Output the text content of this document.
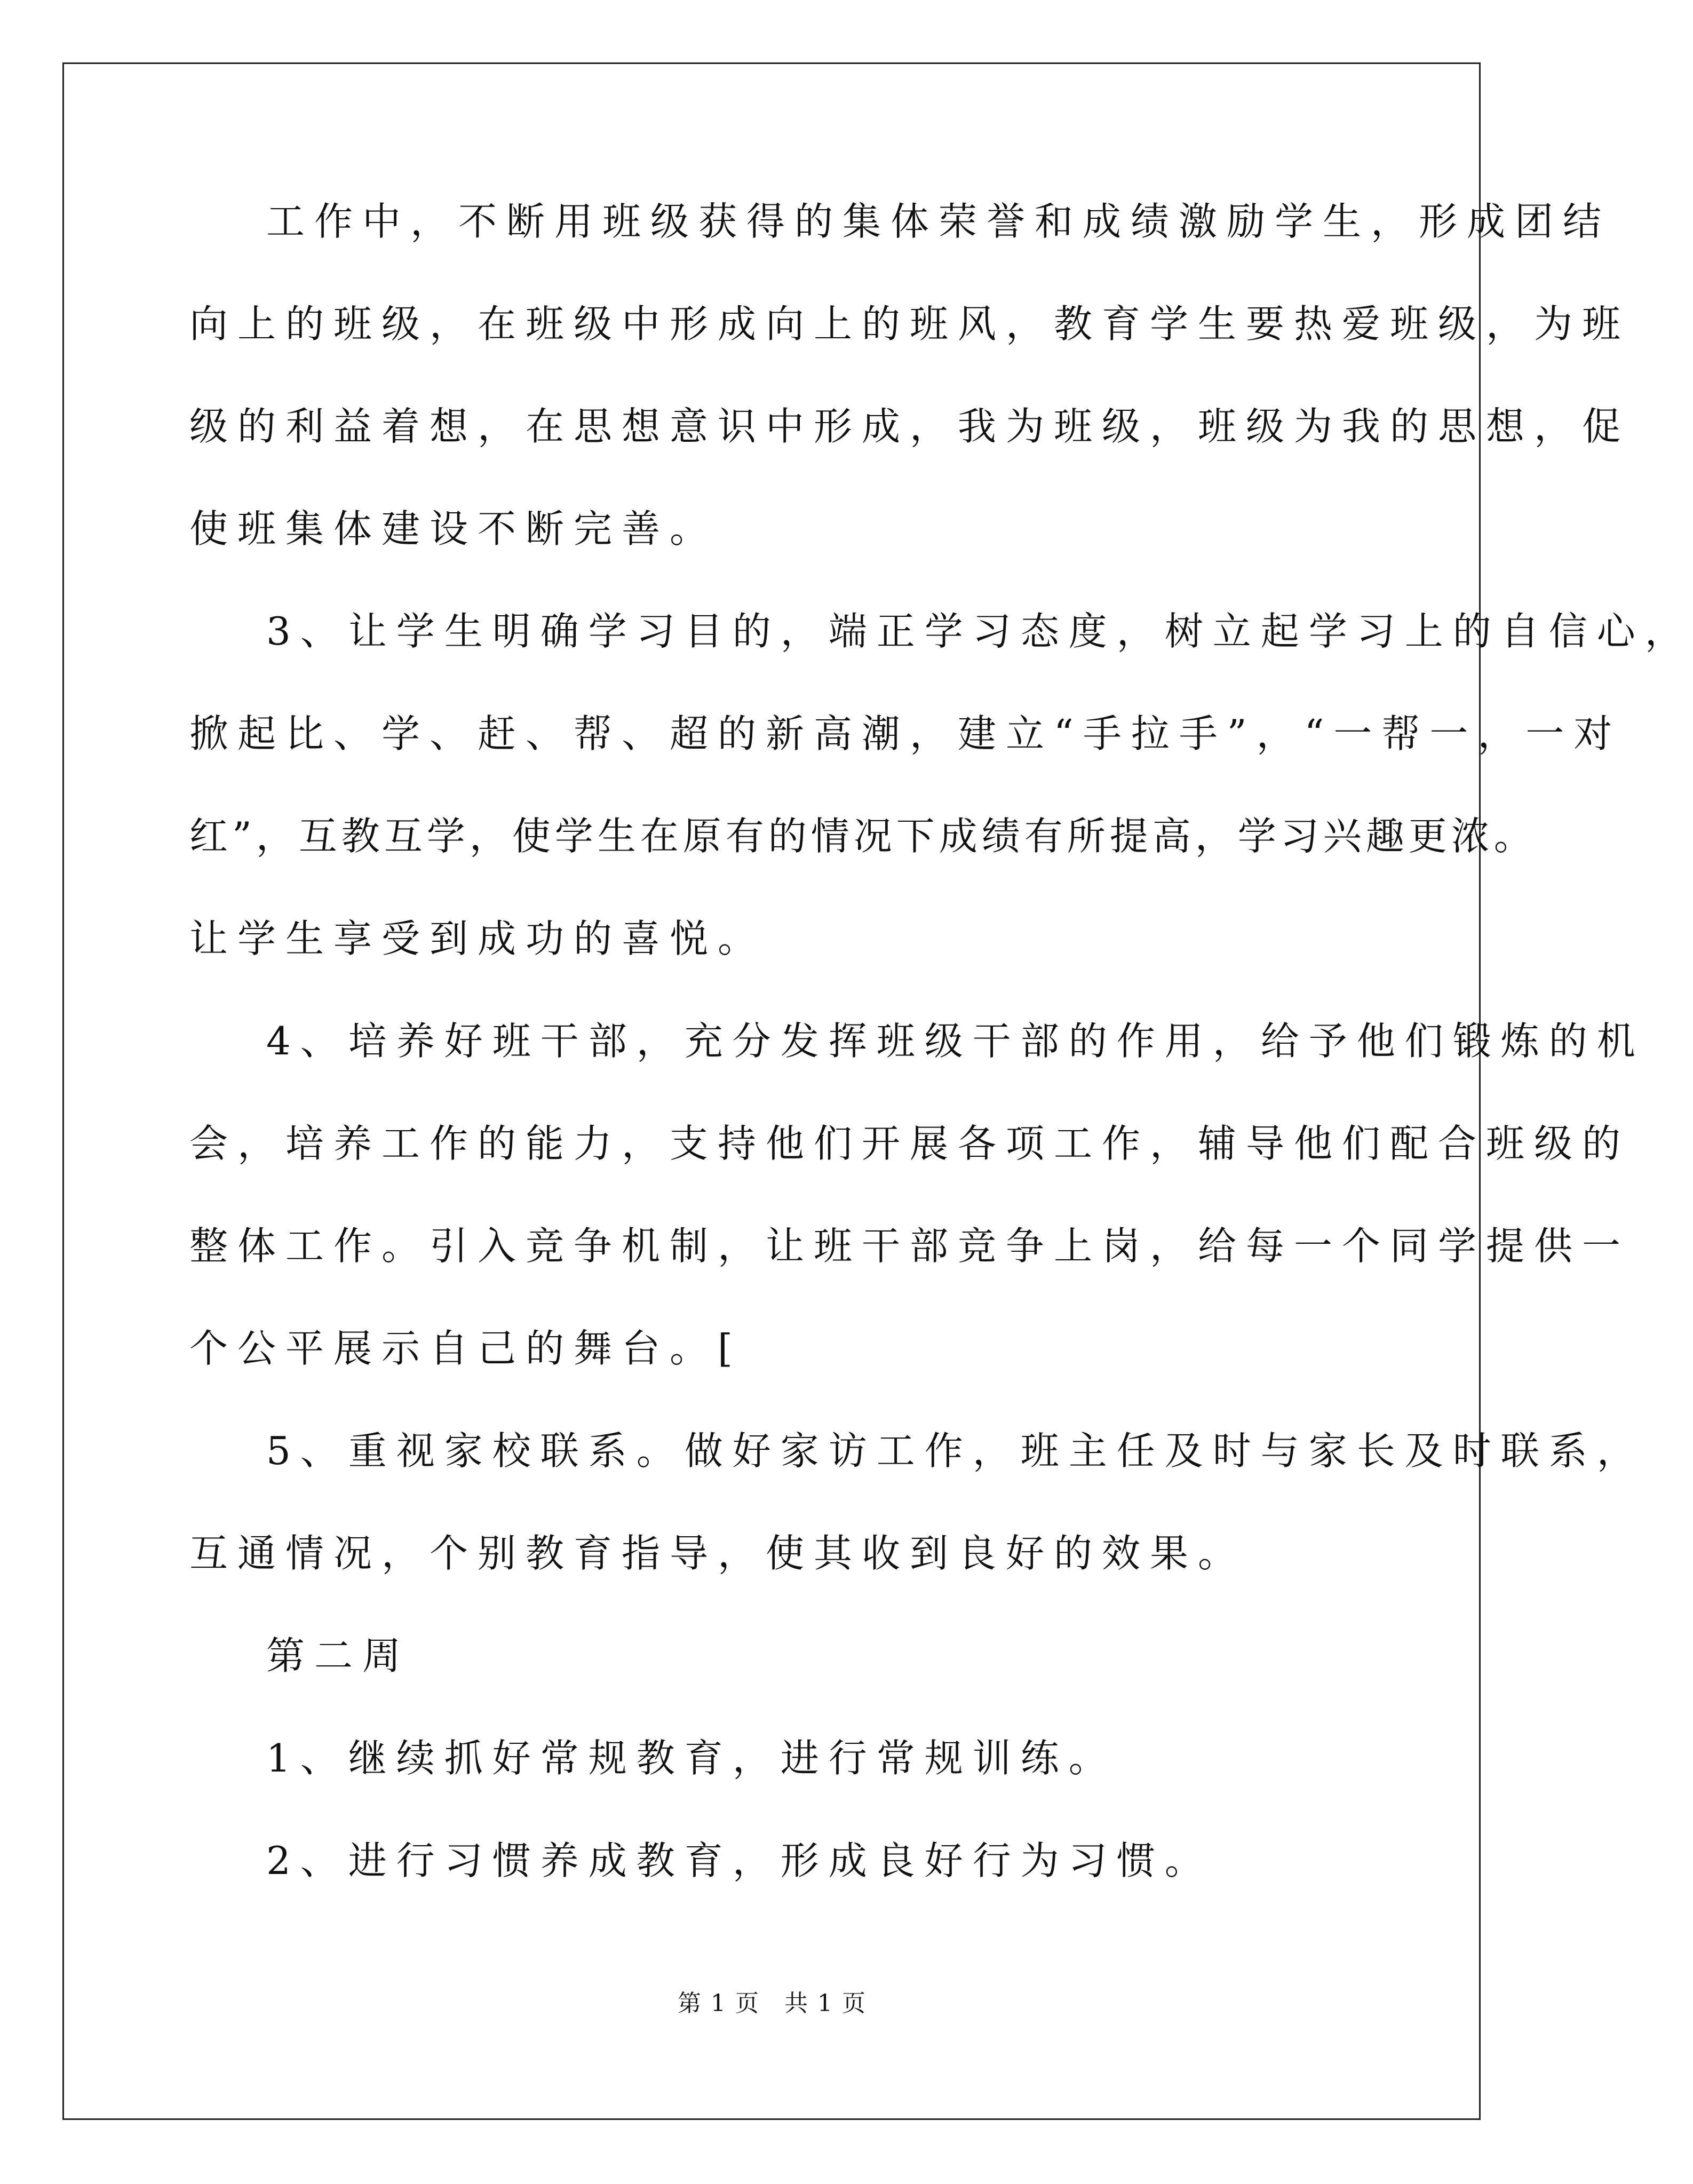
工作中，不断用班级获得的集体荣誉和成绩激励学生，形成团结
向上的班级，在班级中形成向上的班风，教育学生要热爱班级，为班
级的利益着想，在思想意识中形成，我为班级，班级为我的思想，促
使班集体建设不断完善。
3、让学生明确学习目的，端正学习态度，树立起学习上的自信心，
掀起比、学、赶、帮、超的新高潮，建立“手拉手”，“一帮一，一对
红”，互教互学，使学生在原有的情况下成绩有所提高，学习兴趣更浓。
让学生享受到成功的喜悦。
4、培养好班干部，充分发挥班级干部的作用，给予他们锻炼的机
会，培养工作的能力，支持他们开展各项工作，辅导他们配合班级的
整体工作。引入竞争机制，让班干部竞争上岗，给每一个同学提供一
个公平展示自己的舞台。[
5、重视家校联系。做好家访工作，班主任及时与家长及时联系，
互通情况，个别教育指导，使其收到良好的效果。
第二周
1、继续抓好常规教育，进行常规训练。
2、进行习惯养成教育，形成良好行为习惯。
第 1 页　共 1 页
